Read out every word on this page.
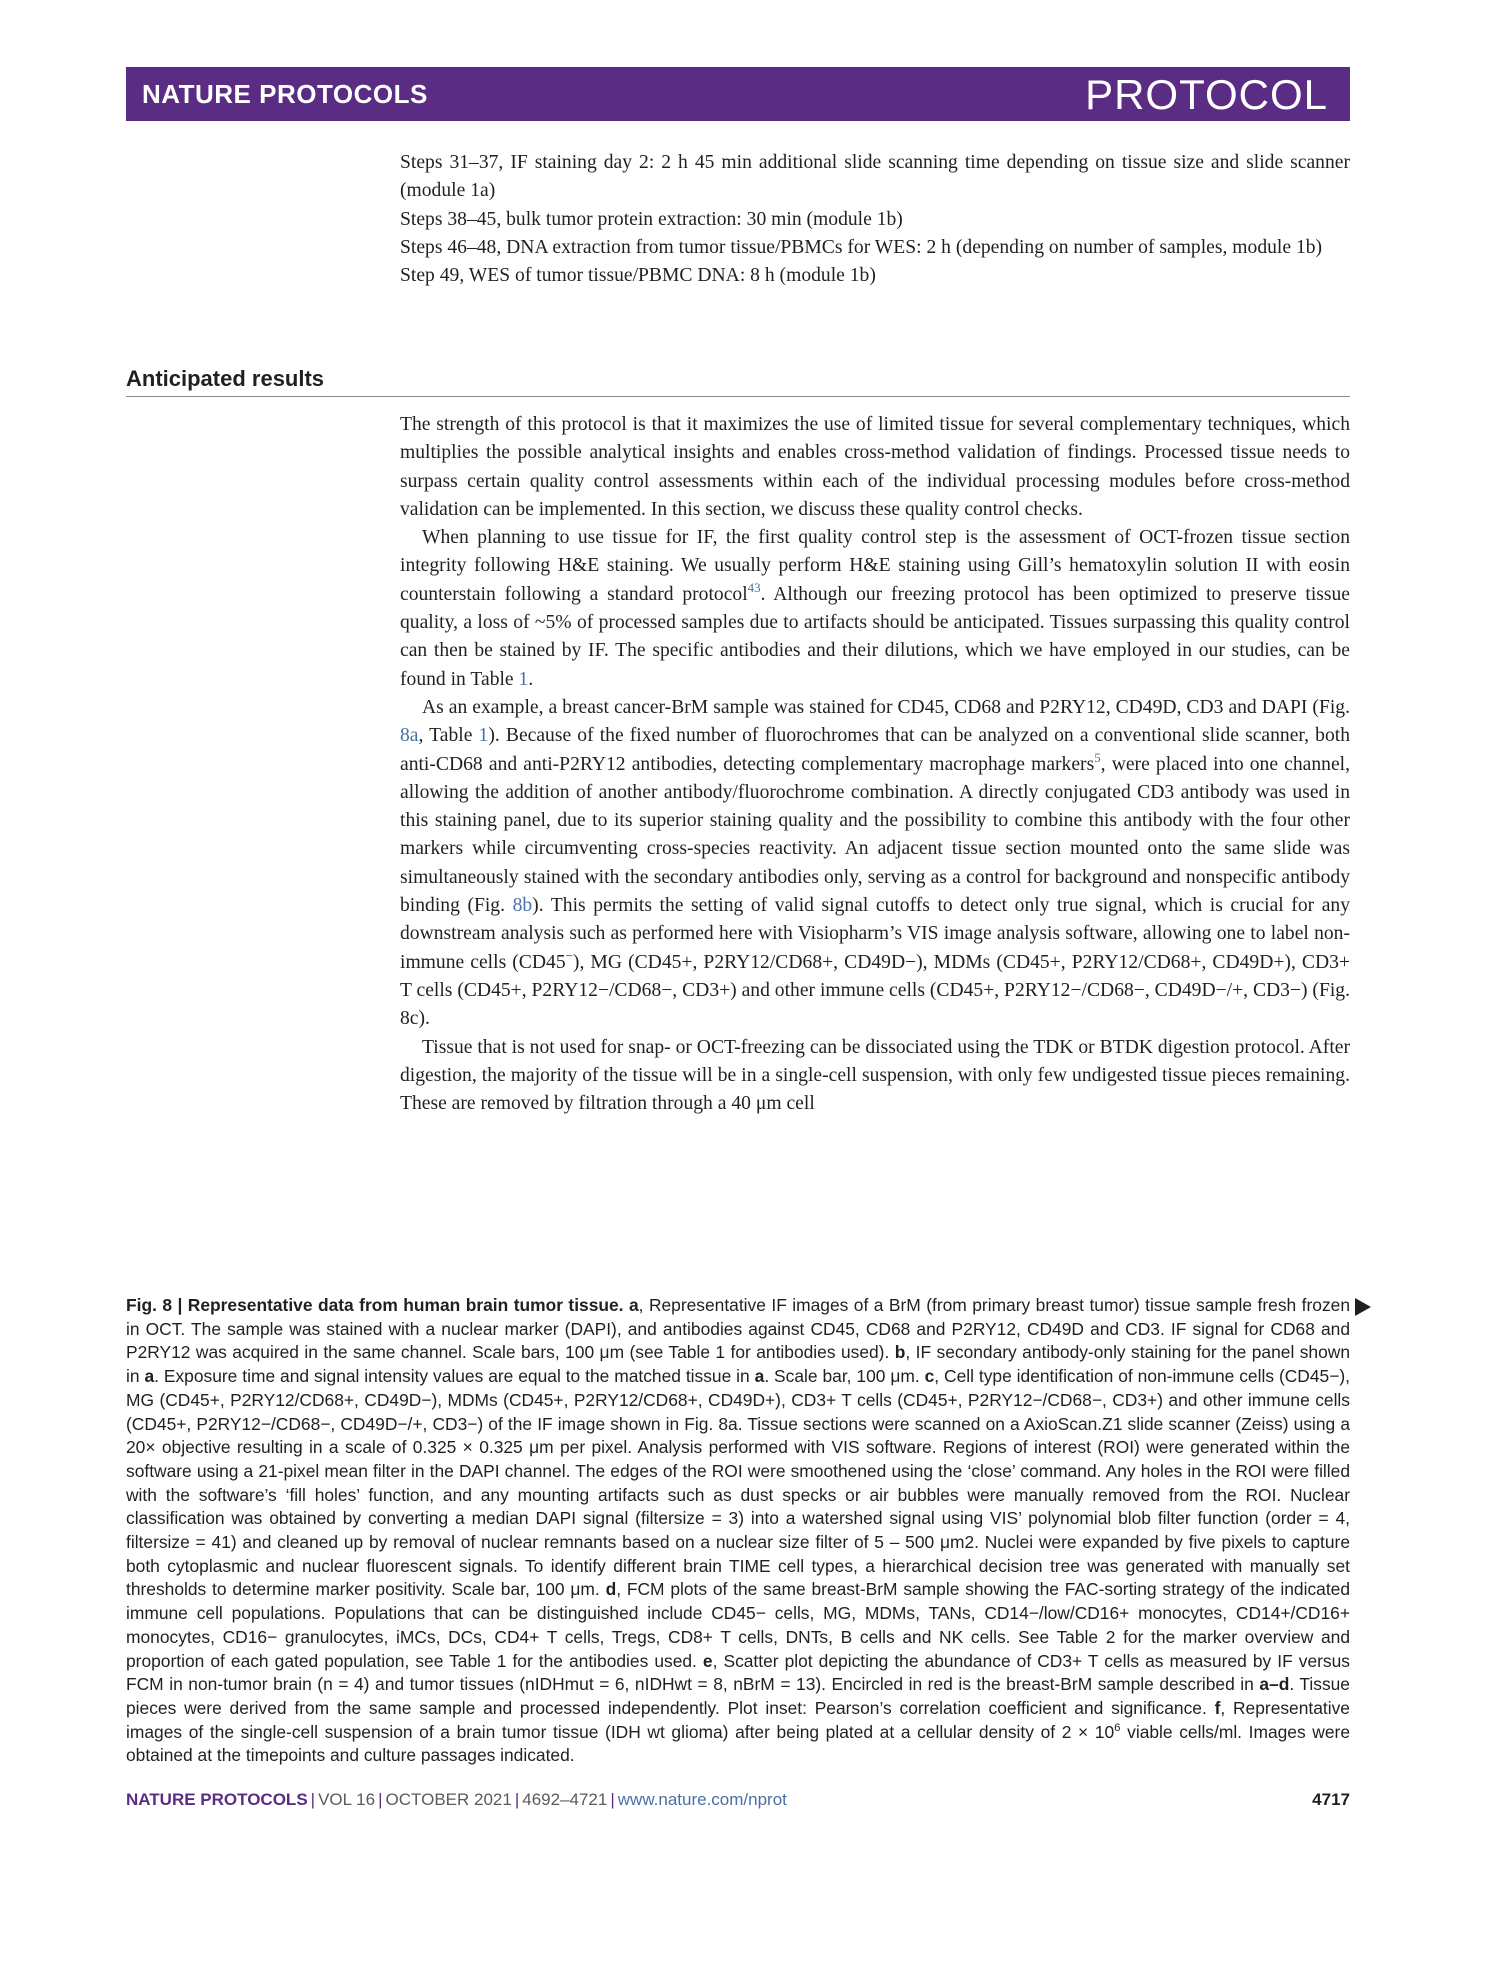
NATURE PROTOCOLS	PROTOCOL
Steps 31–37, IF staining day 2: 2 h 45 min additional slide scanning time depending on tissue size and slide scanner (module 1a)
Steps 38–45, bulk tumor protein extraction: 30 min (module 1b)
Steps 46–48, DNA extraction from tumor tissue/PBMCs for WES: 2 h (depending on number of samples, module 1b)
Step 49, WES of tumor tissue/PBMC DNA: 8 h (module 1b)
Anticipated results

The strength of this protocol is that it maximizes the use of limited tissue for several complementary techniques, which multiplies the possible analytical insights and enables cross-method validation of findings. Processed tissue needs to surpass certain quality control assessments within each of the individual processing modules before cross-method validation can be implemented. In this section, we discuss these quality control checks.

When planning to use tissue for IF, the first quality control step is the assessment of OCT-frozen tissue section integrity following H&E staining. We usually perform H&E staining using Gill’s hematoxylin solution II with eosin counterstain following a standard protocol$^{43}$. Although our freezing protocol has been optimized to preserve tissue quality, a loss of ~5% of processed samples due to artifacts should be anticipated. Tissues surpassing this quality control can then be stained by IF. The specific antibodies and their dilutions, which we have employed in our studies, can be found in Table 1.

As an example, a breast cancer-BrM sample was stained for CD45, CD68 and P2RY12, CD49D, CD3 and DAPI (Fig. 8a, Table 1). Because of the fixed number of fluorochromes that can be analyzed on a conventional slide scanner, both anti-CD68 and anti-P2RY12 antibodies, detecting complementary macrophage markers$^5$, were placed into one channel, allowing the addition of another antibody/fluorochrome combination. A directly conjugated CD3 antibody was used in this staining panel, due to its superior staining quality and the possibility to combine this antibody with the four other markers while circumventing cross-species reactivity. An adjacent tissue section mounted onto the same slide was simultaneously stained with the secondary antibodies only, serving as a control for background and nonspecific antibody binding (Fig. 8b). This permits the setting of valid signal cutoffs to detect only true signal, which is crucial for any downstream analysis such as performed here with Visiopharm’s VIS image analysis software, allowing one to label non-immune cells (CD45−), MG (CD45+, P2RY12/CD68+, CD49D−), MDMs (CD45+, P2RY12/CD68+, CD49D+), CD3+ T cells (CD45+, P2RY12−/CD68−, CD3+) and other immune cells (CD45+, P2RY12−/CD68−, CD49D−/+, CD3−) (Fig. 8c).

Tissue that is not used for snap- or OCT-freezing can be dissociated using the TDK or BTDK digestion protocol. After digestion, the majority of the tissue will be in a single-cell suspension, with only few undigested tissue pieces remaining. These are removed by filtration through a 40 μm cell

Fig. 8 | Representative data from human brain tumor tissue. a, Representative IF images of a BrM (from primary breast tumor) tissue sample fresh frozen in OCT. The sample was stained with a nuclear marker (DAPI), and antibodies against CD45, CD68 and P2RY12, CD49D and CD3. IF signal for CD68 and P2RY12 was acquired in the same channel. Scale bars, 100 μm (see Table 1 for antibodies used). b, IF secondary antibody-only staining for the panel shown in a. Exposure time and signal intensity values are equal to the matched tissue in a. Scale bar, 100 μm. c, Cell type identification of non-immune cells (CD45−), MG (CD45+, P2RY12/CD68+, CD49D−), MDMs (CD45+, P2RY12/CD68+, CD49D+), CD3+ T cells (CD45+, P2RY12−/CD68−, CD3+) and other immune cells (CD45+, P2RY12−/CD68−, CD49D−/+, CD3−) of the IF image shown in Fig. 8a. Tissue sections were scanned on a AxioScan.Z1 slide scanner (Zeiss) using a 20× objective resulting in a scale of 0.325 × 0.325 μm per pixel. Analysis performed with VIS software. Regions of interest (ROI) were generated within the software using a 21-pixel mean filter in the DAPI channel. The edges of the ROI were smoothened using the ‘close’ command. Any holes in the ROI were filled with the software’s ‘fill holes’ function, and any mounting artifacts such as dust specks or air bubbles were manually removed from the ROI. Nuclear classification was obtained by converting a median DAPI signal (filtersize = 3) into a watershed signal using VIS’ polynomial blob filter function (order = 4, filtersize = 41) and cleaned up by removal of nuclear remnants based on a nuclear size filter of 5 – 500 μm2. Nuclei were expanded by five pixels to capture both cytoplasmic and nuclear fluorescent signals. To identify different brain TIME cell types, a hierarchical decision tree was generated with manually set thresholds to determine marker positivity. Scale bar, 100 μm. d, FCM plots of the same breast-BrM sample showing the FAC-sorting strategy of the indicated immune cell populations. Populations that can be distinguished include CD45− cells, MG, MDMs, TANs, CD14−/low/CD16+ monocytes, CD14+/CD16+ monocytes, CD16− granulocytes, iMCs, DCs, CD4+ T cells, Tregs, CD8+ T cells, DNTs, B cells and NK cells. See Table 2 for the marker overview and proportion of each gated population, see Table 1 for the antibodies used. e, Scatter plot depicting the abundance of CD3+ T cells as measured by IF versus FCM in non-tumor brain (n = 4) and tumor tissues (nIDHmut = 6, nIDHwt = 8, nBrM = 13). Encircled in red is the breast-BrM sample described in a–d. Tissue pieces were derived from the same sample and processed independently. Plot inset: Pearson’s correlation coefficient and significance. f, Representative images of the single-cell suspension of a brain tumor tissue (IDH wt glioma) after being plated at a cellular density of $2 \times 10^6$ viable cells/ml. Images were obtained at the timepoints and culture passages indicated.
NATURE PROTOCOLS | VOL 16 | OCTOBER 2021 | 4692–4721 | www.nature.com/nprot	4717
